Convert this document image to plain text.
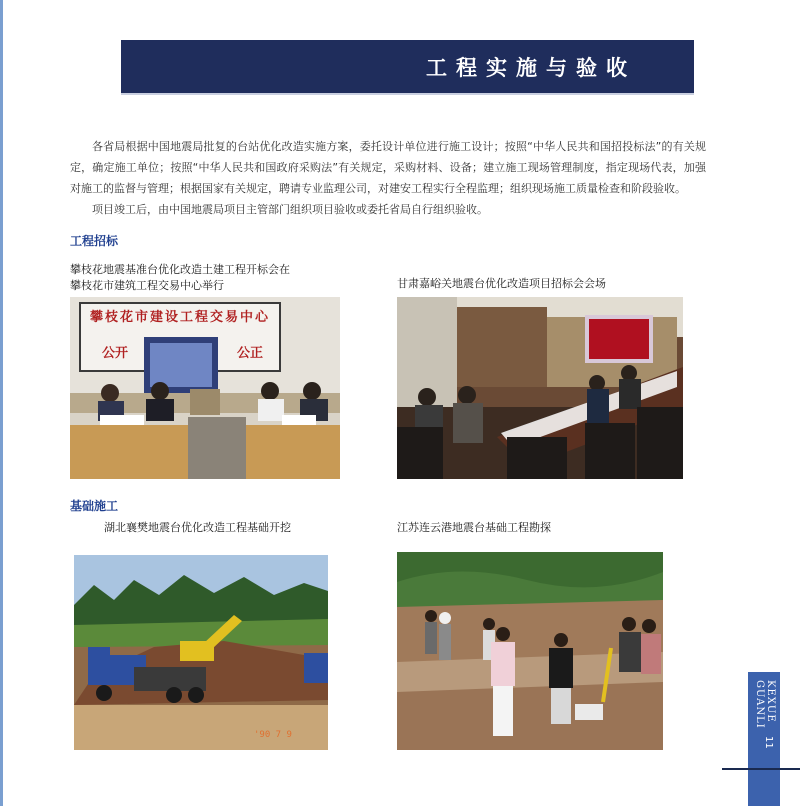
工程实施与验收

各省局根据中国地震局批复的台站优化改造实施方案，委托设计单位进行施工设计；按照“中华人民共和国招投标法”的有关规定，确定施工单位；按照“中华人民共和国政府采购法”有关规定，采购材料、设备；建立施工现场管理制度，指定现场代表，加强对施工的监督与管理；根据国家有关规定，聘请专业监理公司，对建安工程实行全程监理；组织现场施工质量检查和阶段验收。

项目竣工后，由中国地震局项目主管部门组织项目验收或委托省局自行组织验收。

工程招标
攀枝花地震基准台优化改造土建工程开标会在
攀枝花市建筑工程交易中心举行	甘肃嘉峪关地震台优化改造项目招标会会场
攀枝花市建设工程交易中心
公开	公正
基础施工
湖北襄樊地震台优化改造工程基础开挖	江苏连云港地震台基础工程勘探
'90 7 9
KEXUE GUANLI
11
